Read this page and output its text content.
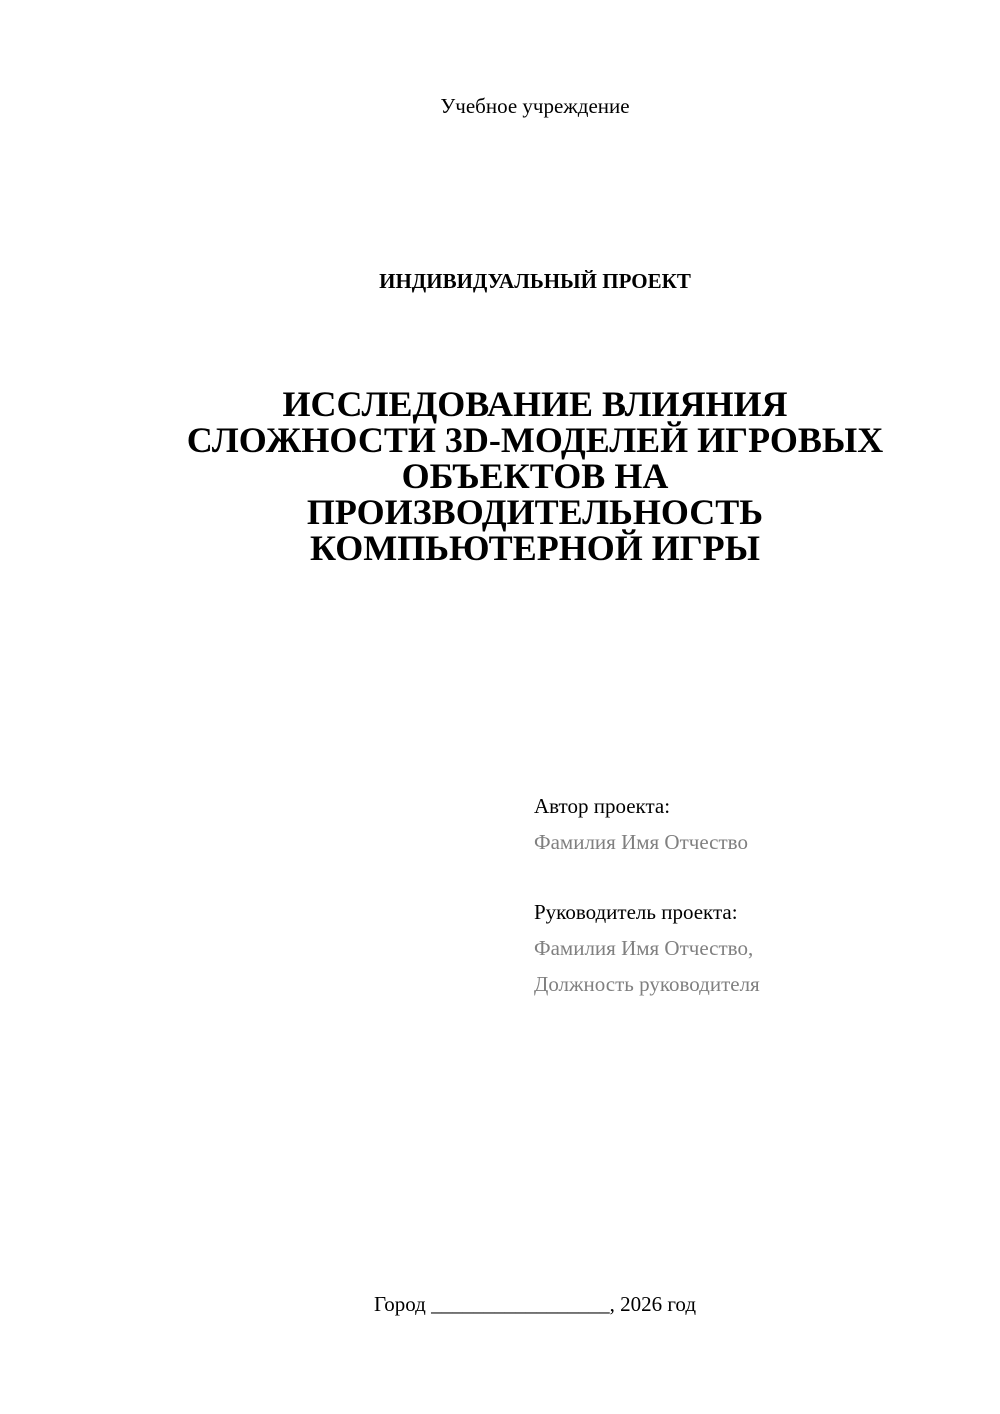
Учебное учреждение
ИНДИВИДУАЛЬНЫЙ ПРОЕКТ
ИССЛЕДОВАНИЕ ВЛИЯНИЯ
СЛОЖНОСТИ 3D-МОДЕЛЕЙ ИГРОВЫХ
ОБЪЕКТОВ НА
ПРОИЗВОДИТЕЛЬНОСТЬ
КОМПЬЮТЕРНОЙ ИГРЫ
Автор проекта:
Фамилия Имя Отчество
Руководитель проекта:
Фамилия Имя Отчество,
Должность руководителя
Город _________________, 2026 год
